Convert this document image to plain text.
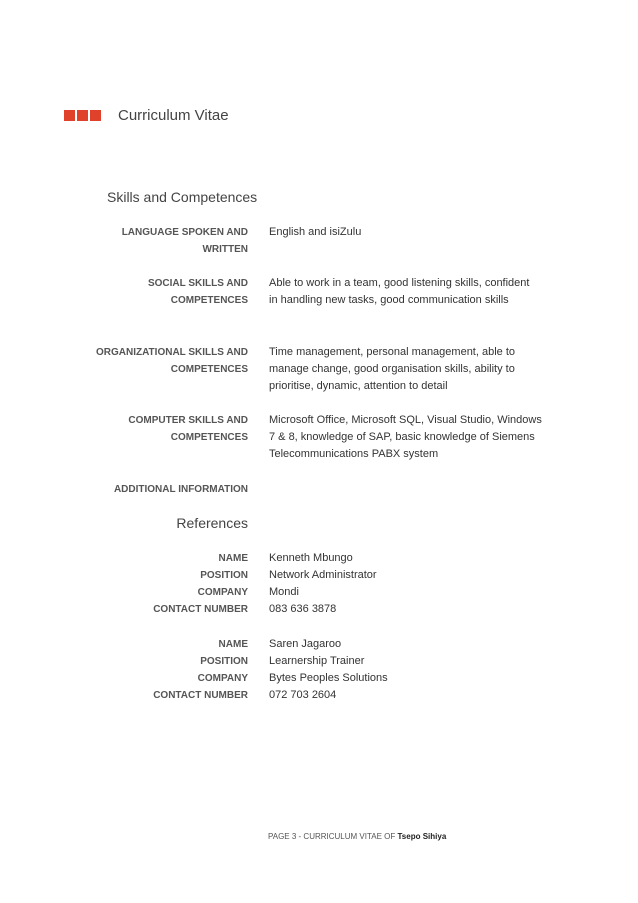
Curriculum Vitae
Skills and Competences
LANGUAGE SPOKEN AND
WRITTEN
English and isiZulu
SOCIAL SKILLS AND
COMPETENCES
Able to work in a team, good listening skills, confident
in handling new tasks, good communication skills
ORGANIZATIONAL SKILLS AND
COMPETENCES
Time management, personal management, able to
manage change, good organisation skills, ability to
prioritise, dynamic, attention to detail
COMPUTER SKILLS AND
COMPETENCES
Microsoft Office, Microsoft SQL, Visual Studio, Windows
7 & 8, knowledge of SAP, basic knowledge of Siemens
Telecommunications PABX system
ADDITIONAL INFORMATION
References
NAME
POSITION
COMPANY
CONTACT NUMBER
Kenneth Mbungo
Network Administrator
Mondi
083 636 3878
NAME
POSITION
COMPANY
CONTACT NUMBER
Saren Jagaroo
Learnership Trainer
Bytes Peoples Solutions
072 703 2604
PAGE 3 - CURRICULUM VITAE OF Tsepo Sihiya
